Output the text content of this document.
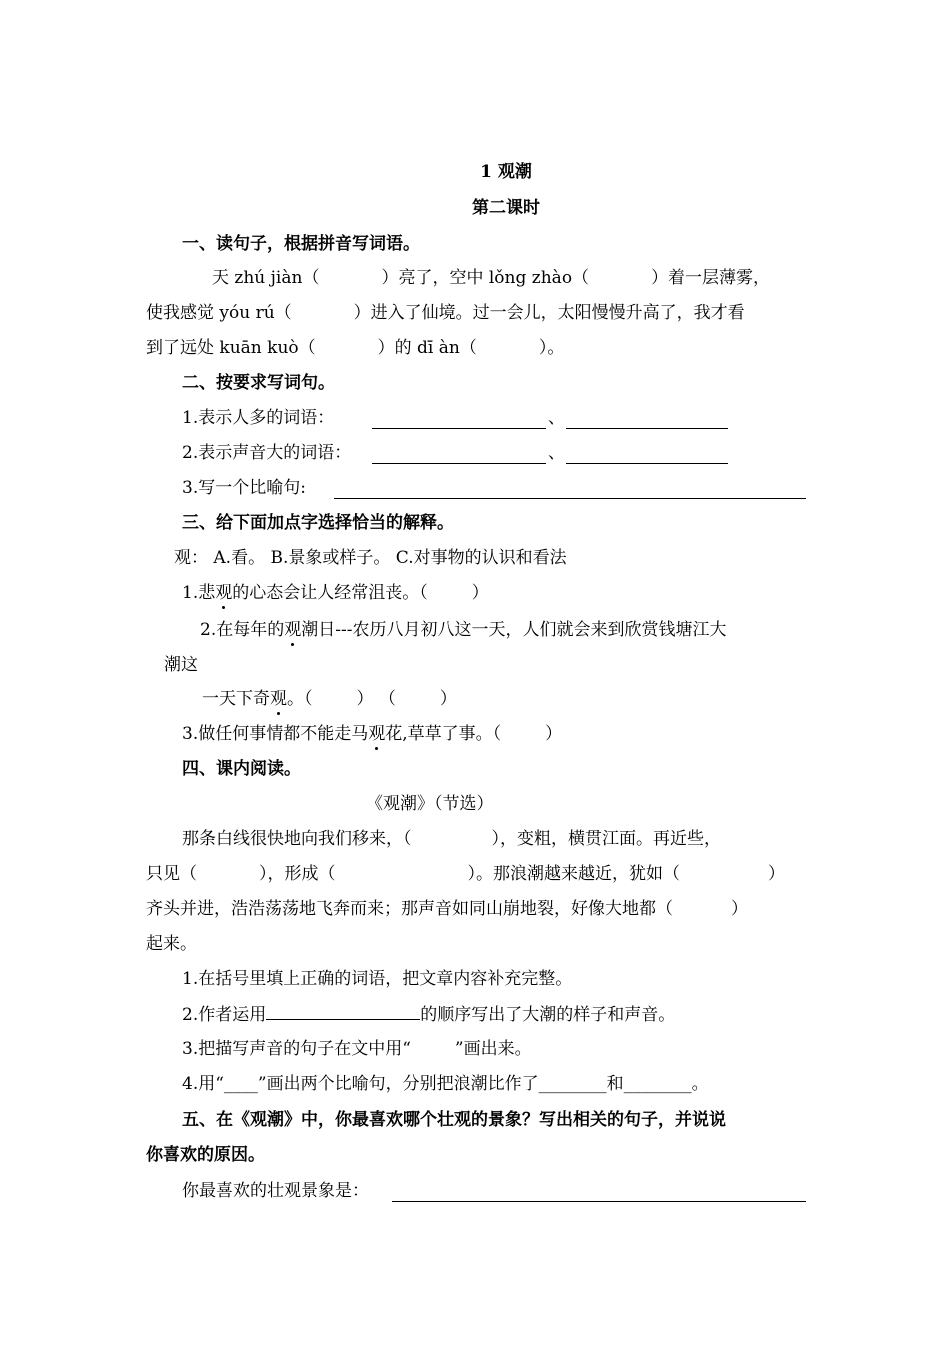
1 观潮
第二课时
一、读句子，根据拼音写词语。
天 zhú jiàn（	）亮了，空中 lǒng zhào（	）着一层薄雾，
使我感觉 yóu rú（	）进入了仙境。过一会儿，太阳慢慢升高了，我才看
到了远处 kuān kuò（	）的 dī àn（	）。
二、按要求写词句。
1.表示人多的词语：	、
2.表示声音大的词语：	、
3.写一个比喻句:
三、给下面加点字选择恰当的解释。
观： A.看。 B.景象或样子。 C.对事物的认识和看法
1.悲观的心态会让人经常沮丧。（	）
2.在每年的观潮日---农历八月初八这一天，人们就会来到欣赏钱塘江大
潮这
一天下奇观。（	） （	）
3.做任何事情都不能走马观花,草草了事。（	）
四、课内阅读。
《观潮》（节选）
那条白线很快地向我们移来，（	），变粗，横贯江面。再近些，
只见（	），形成（	）。那浪潮越来越近，犹如（	）
齐头并进，浩浩荡荡地飞奔而来；那声音如同山崩地裂，好像大地都（	）
起来。
1.在括号里填上正确的词语，把文章内容补充完整。
2.作者运用	的顺序写出了大潮的样子和声音。
3.把描写声音的句子在文中用“	”画出来。
4.用“____”画出两个比喻句，分别把浪潮比作了________和________。
五、在《观潮》中，你最喜欢哪个壮观的景象？写出相关的句子，并说说
你喜欢的原因。
你最喜欢的壮观景象是：
